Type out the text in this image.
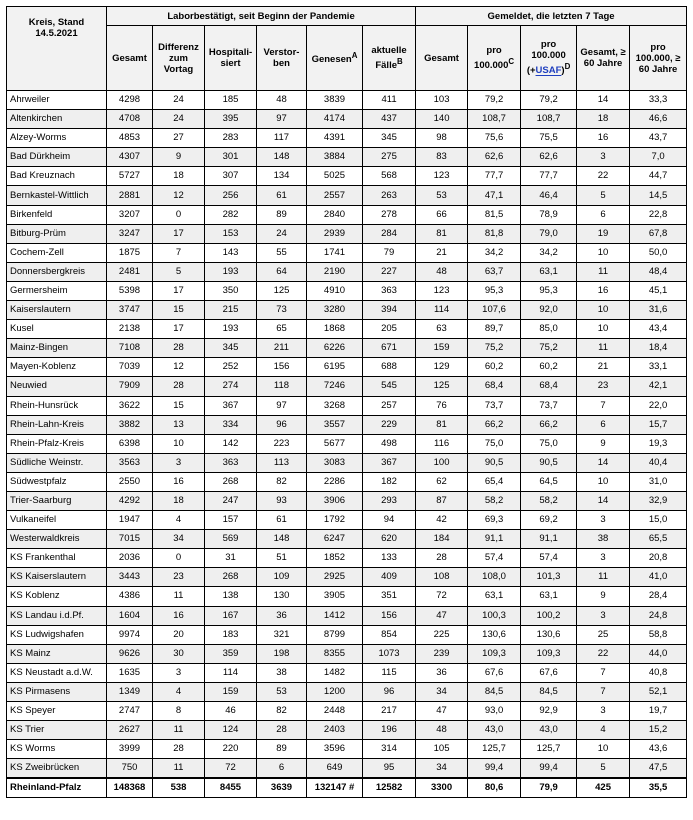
Kreis, Stand 14.5.2021	Laborbestätigt, seit Beginn der Pandemie						Gemeldet, die letzten 7 Tage				
	Gesamt	Differenz zum Vortag	Hospitali-siert	Verstor-ben	Genesen$^A$	aktuelle Fälle$^B$	Gesamt	pro $100.000^C$	pro 100.000
(+USAF)$^D$	Gesamt, ≥ 60 Jahre	pro 100.000, ≥ 60 Jahre
Ahrweiler	4298	24	185	48	3839	411	103	79,2	79,2	14	33,3
Altenkirchen	4708	24	395	97	4174	437	140	108,7	108,7	18	46,6
Alzey-Worms	4853	27	283	117	4391	345	98	75,6	75,5	16	43,7
Bad Dürkheim	4307	9	301	148	3884	275	83	62,6	62,6	3	7,0
Bad Kreuznach	5727	18	307	134	5025	568	123	77,7	77,7	22	44,7
Bernkastel-Wittlich	2881	12	256	61	2557	263	53	47,1	46,4	5	14,5
Birkenfeld	3207	0	282	89	2840	278	66	81,5	78,9	6	22,8
Bitburg-Prüm	3247	17	153	24	2939	284	81	81,8	79,0	19	67,8
Cochem-Zell	1875	7	143	55	1741	79	21	34,2	34,2	10	50,0
Donnersbergkreis	2481	5	193	64	2190	227	48	63,7	63,1	11	48,4
Germersheim	5398	17	350	125	4910	363	123	95,3	95,3	16	45,1
Kaiserslautern	3747	15	215	73	3280	394	114	107,6	92,0	10	31,6
Kusel	2138	17	193	65	1868	205	63	89,7	85,0	10	43,4
Mainz-Bingen	7108	28	345	211	6226	671	159	75,2	75,2	11	18,4
Mayen-Koblenz	7039	12	252	156	6195	688	129	60,2	60,2	21	33,1
Neuwied	7909	28	274	118	7246	545	125	68,4	68,4	23	42,1
Rhein-Hunsrück	3622	15	367	97	3268	257	76	73,7	73,7	7	22,0
Rhein-Lahn-Kreis	3882	13	334	96	3557	229	81	66,2	66,2	6	15,7
Rhein-Pfalz-Kreis	6398	10	142	223	5677	498	116	75,0	75,0	9	19,3
Südliche Weinstr.	3563	3	363	113	3083	367	100	90,5	90,5	14	40,4
Südwestpfalz	2550	16	268	82	2286	182	62	65,4	64,5	10	31,0
Trier-Saarburg	4292	18	247	93	3906	293	87	58,2	58,2	14	32,9
Vulkaneifel	1947	4	157	61	1792	94	42	69,3	69,2	3	15,0
Westerwaldkreis	7015	34	569	148	6247	620	184	91,1	91,1	38	65,5
KS Frankenthal	2036	0	31	51	1852	133	28	57,4	57,4	3	20,8
KS Kaiserslautern	3443	23	268	109	2925	409	108	108,0	101,3	11	41,0
KS Koblenz	4386	11	138	130	3905	351	72	63,1	63,1	9	28,4
KS Landau i.d.Pf.	1604	16	167	36	1412	156	47	100,3	100,2	3	24,8
KS Ludwigshafen	9974	20	183	321	8799	854	225	130,6	130,6	25	58,8
KS Mainz	9626	30	359	198	8355	1073	239	109,3	109,3	22	44,0
KS Neustadt a.d.W.	1635	3	114	38	1482	115	36	67,6	67,6	7	40,8
KS Pirmasens	1349	4	159	53	1200	96	34	84,5	84,5	7	52,1
KS Speyer	2747	8	46	82	2448	217	47	93,0	92,9	3	19,7
KS Trier	2627	11	124	28	2403	196	48	43,0	43,0	4	15,2
KS Worms	3999	28	220	89	3596	314	105	125,7	125,7	10	43,6
KS Zweibrücken	750	11	72	6	649	95	34	99,4	99,4	5	47,5
Rheinland-Pfalz	148368	538	8455	3639	132147 #	12582	3300	80,6	79,9	425	35,5
